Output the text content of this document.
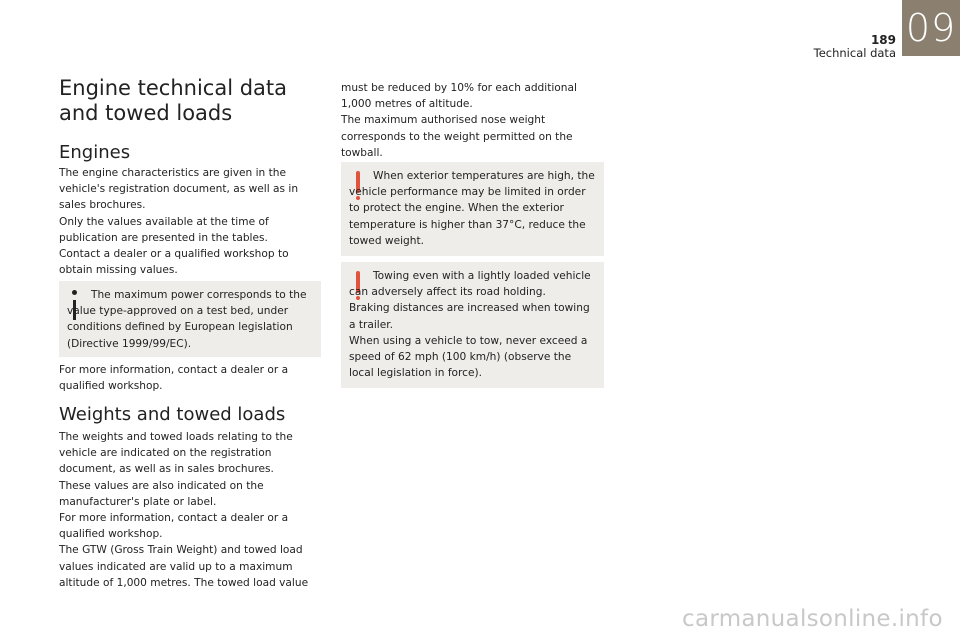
189
Technical data
09
Engine technical data and towed loads
Engines
The engine characteristics are given in the vehicle's registration document, as well as in sales brochures.
Only the values available at the time of publication are presented in the tables.
Contact a dealer or a qualified workshop to obtain missing values.
The maximum power corresponds to the value type-approved on a test bed, under conditions defined by European legislation (Directive 1999/99/EC).
For more information, contact a dealer or a qualified workshop.
Weights and towed loads
The weights and towed loads relating to the vehicle are indicated on the registration document, as well as in sales brochures.
These values are also indicated on the manufacturer's plate or label.
For more information, contact a dealer or a qualified workshop.
The GTW (Gross Train Weight) and towed load values indicated are valid up to a maximum altitude of 1,000 metres. The towed load value
must be reduced by 10% for each additional 1,000 metres of altitude.
The maximum authorised nose weight corresponds to the weight permitted on the towball.
When exterior temperatures are high, the vehicle performance may be limited in order to protect the engine. When the exterior temperature is higher than 37°C, reduce the towed weight.
Towing even with a lightly loaded vehicle can adversely affect its road holding.
Braking distances are increased when towing a trailer.
When using a vehicle to tow, never exceed a speed of 62 mph (100 km/h) (observe the local legislation in force).
carmanualsonline.info
